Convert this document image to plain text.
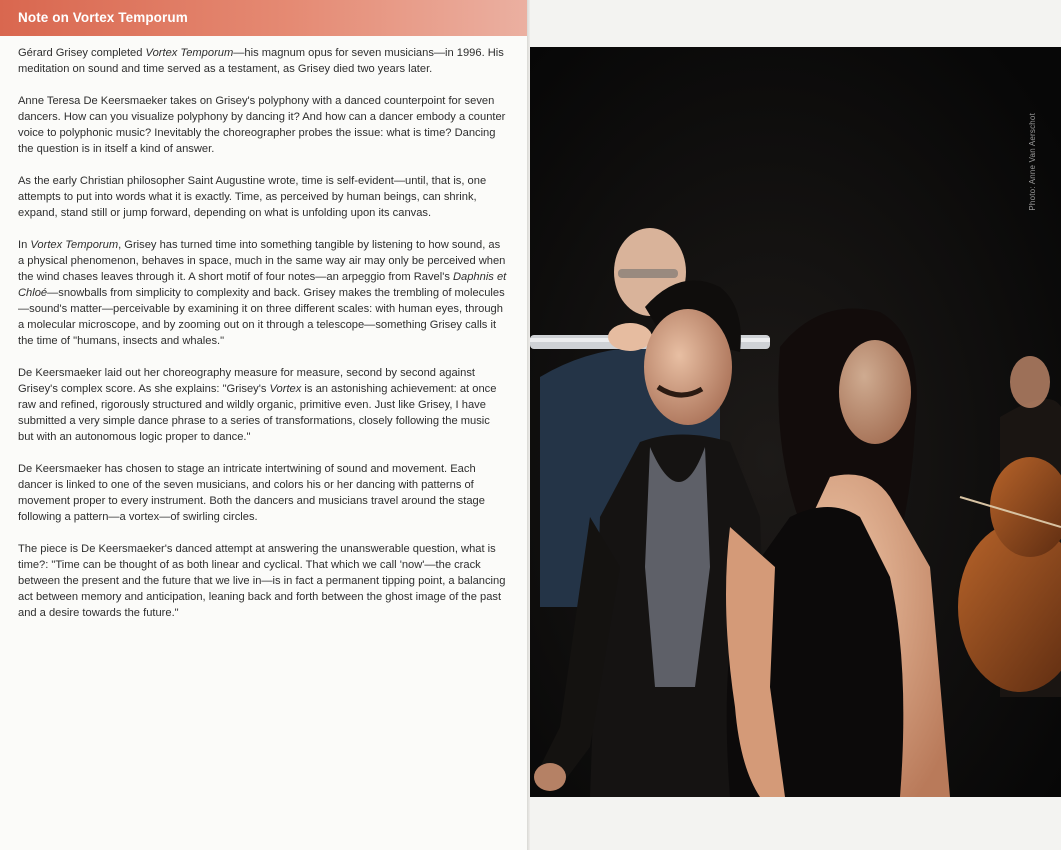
Note on Vortex Temporum

Gérard Grisey completed Vortex Temporum—his magnum opus for seven musicians—in 1996. His meditation on sound and time served as a testament, as Grisey died two years later.

Anne Teresa De Keersmaeker takes on Grisey's polyphony with a danced counterpoint for seven dancers. How can you visualize polyphony by dancing it? And how can a dancer embody a counter voice to polyphonic music? Inevitably the choreographer probes the issue: what is time? Dancing the question is in itself a kind of answer.

As the early Christian philosopher Saint Augustine wrote, time is self-evident—until, that is, one attempts to put into words what it is exactly. Time, as perceived by human beings, can shrink, expand, stand still or jump forward, depending on what is unfolding upon its canvas.

In Vortex Temporum, Grisey has turned time into something tangible by listening to how sound, as a physical phenomenon, behaves in space, much in the same way air may only be perceived when the wind chases leaves through it. A short motif of four notes—an arpeggio from Ravel's Daphnis et Chloé—snowballs from simplicity to complexity and back. Grisey makes the trembling of molecules —sound's matter—perceivable by examining it on three different scales: with human eyes, through a molecular microscope, and by zooming out on it through a telescope—something Grisey calls it the time of "humans, insects and whales."

De Keersmaeker laid out her choreography measure for measure, second by second against Grisey's complex score. As she explains: "Grisey's Vortex is an astonishing achievement: at once raw and refined, rigorously structured and wildly organic, primitive even. Just like Grisey, I have submitted a very simple dance phrase to a series of transformations, closely following the music but with an autonomous logic proper to dance."

De Keersmaeker has chosen to stage an intricate intertwining of sound and movement. Each dancer is linked to one of the seven musicians, and colors his or her dancing with patterns of movement proper to every instrument. Both the dancers and musicians travel around the stage following a pattern—a vortex—of swirling circles.

The piece is De Keersmaeker's danced attempt at answering the unanswerable question, what is time?: "Time can be thought of as both linear and cyclical. That which we call 'now'—the crack between the present and the future that we live in—is in fact a permanent tipping point, a balancing act between memory and anticipation, leaning back and forth between the ghost image of the past and a desire towards the future."

Photo: Anne Van Aerschot
